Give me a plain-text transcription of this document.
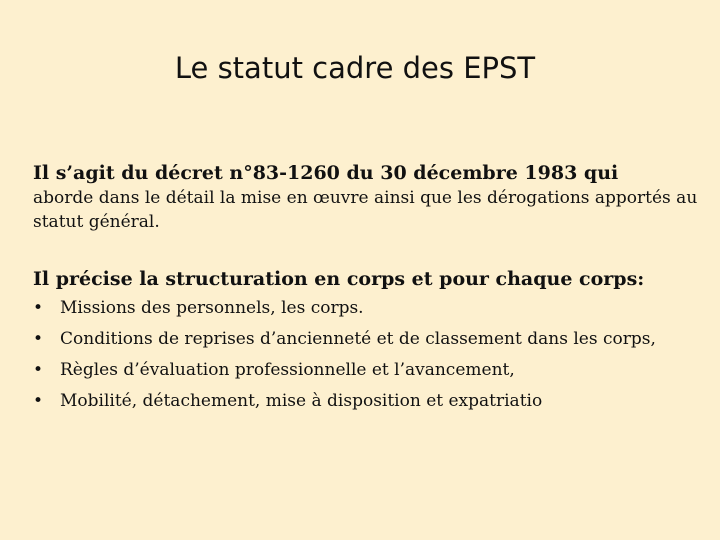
Le statut cadre des EPST
Il s’agit du décret n°83-1260 du 30 décembre 1983 qui

aborde dans le détail la mise en œuvre ainsi que les dérogations apportés au statut général.

Il précise la structuration en corps et pour chaque corps:
• Missions des personnels, les corps.
• Conditions de reprises d’ancienneté et de classement dans les corps,
• Règles d’évaluation professionnelle et l’avancement,
• Mobilité, détachement, mise à disposition et expatriatio
